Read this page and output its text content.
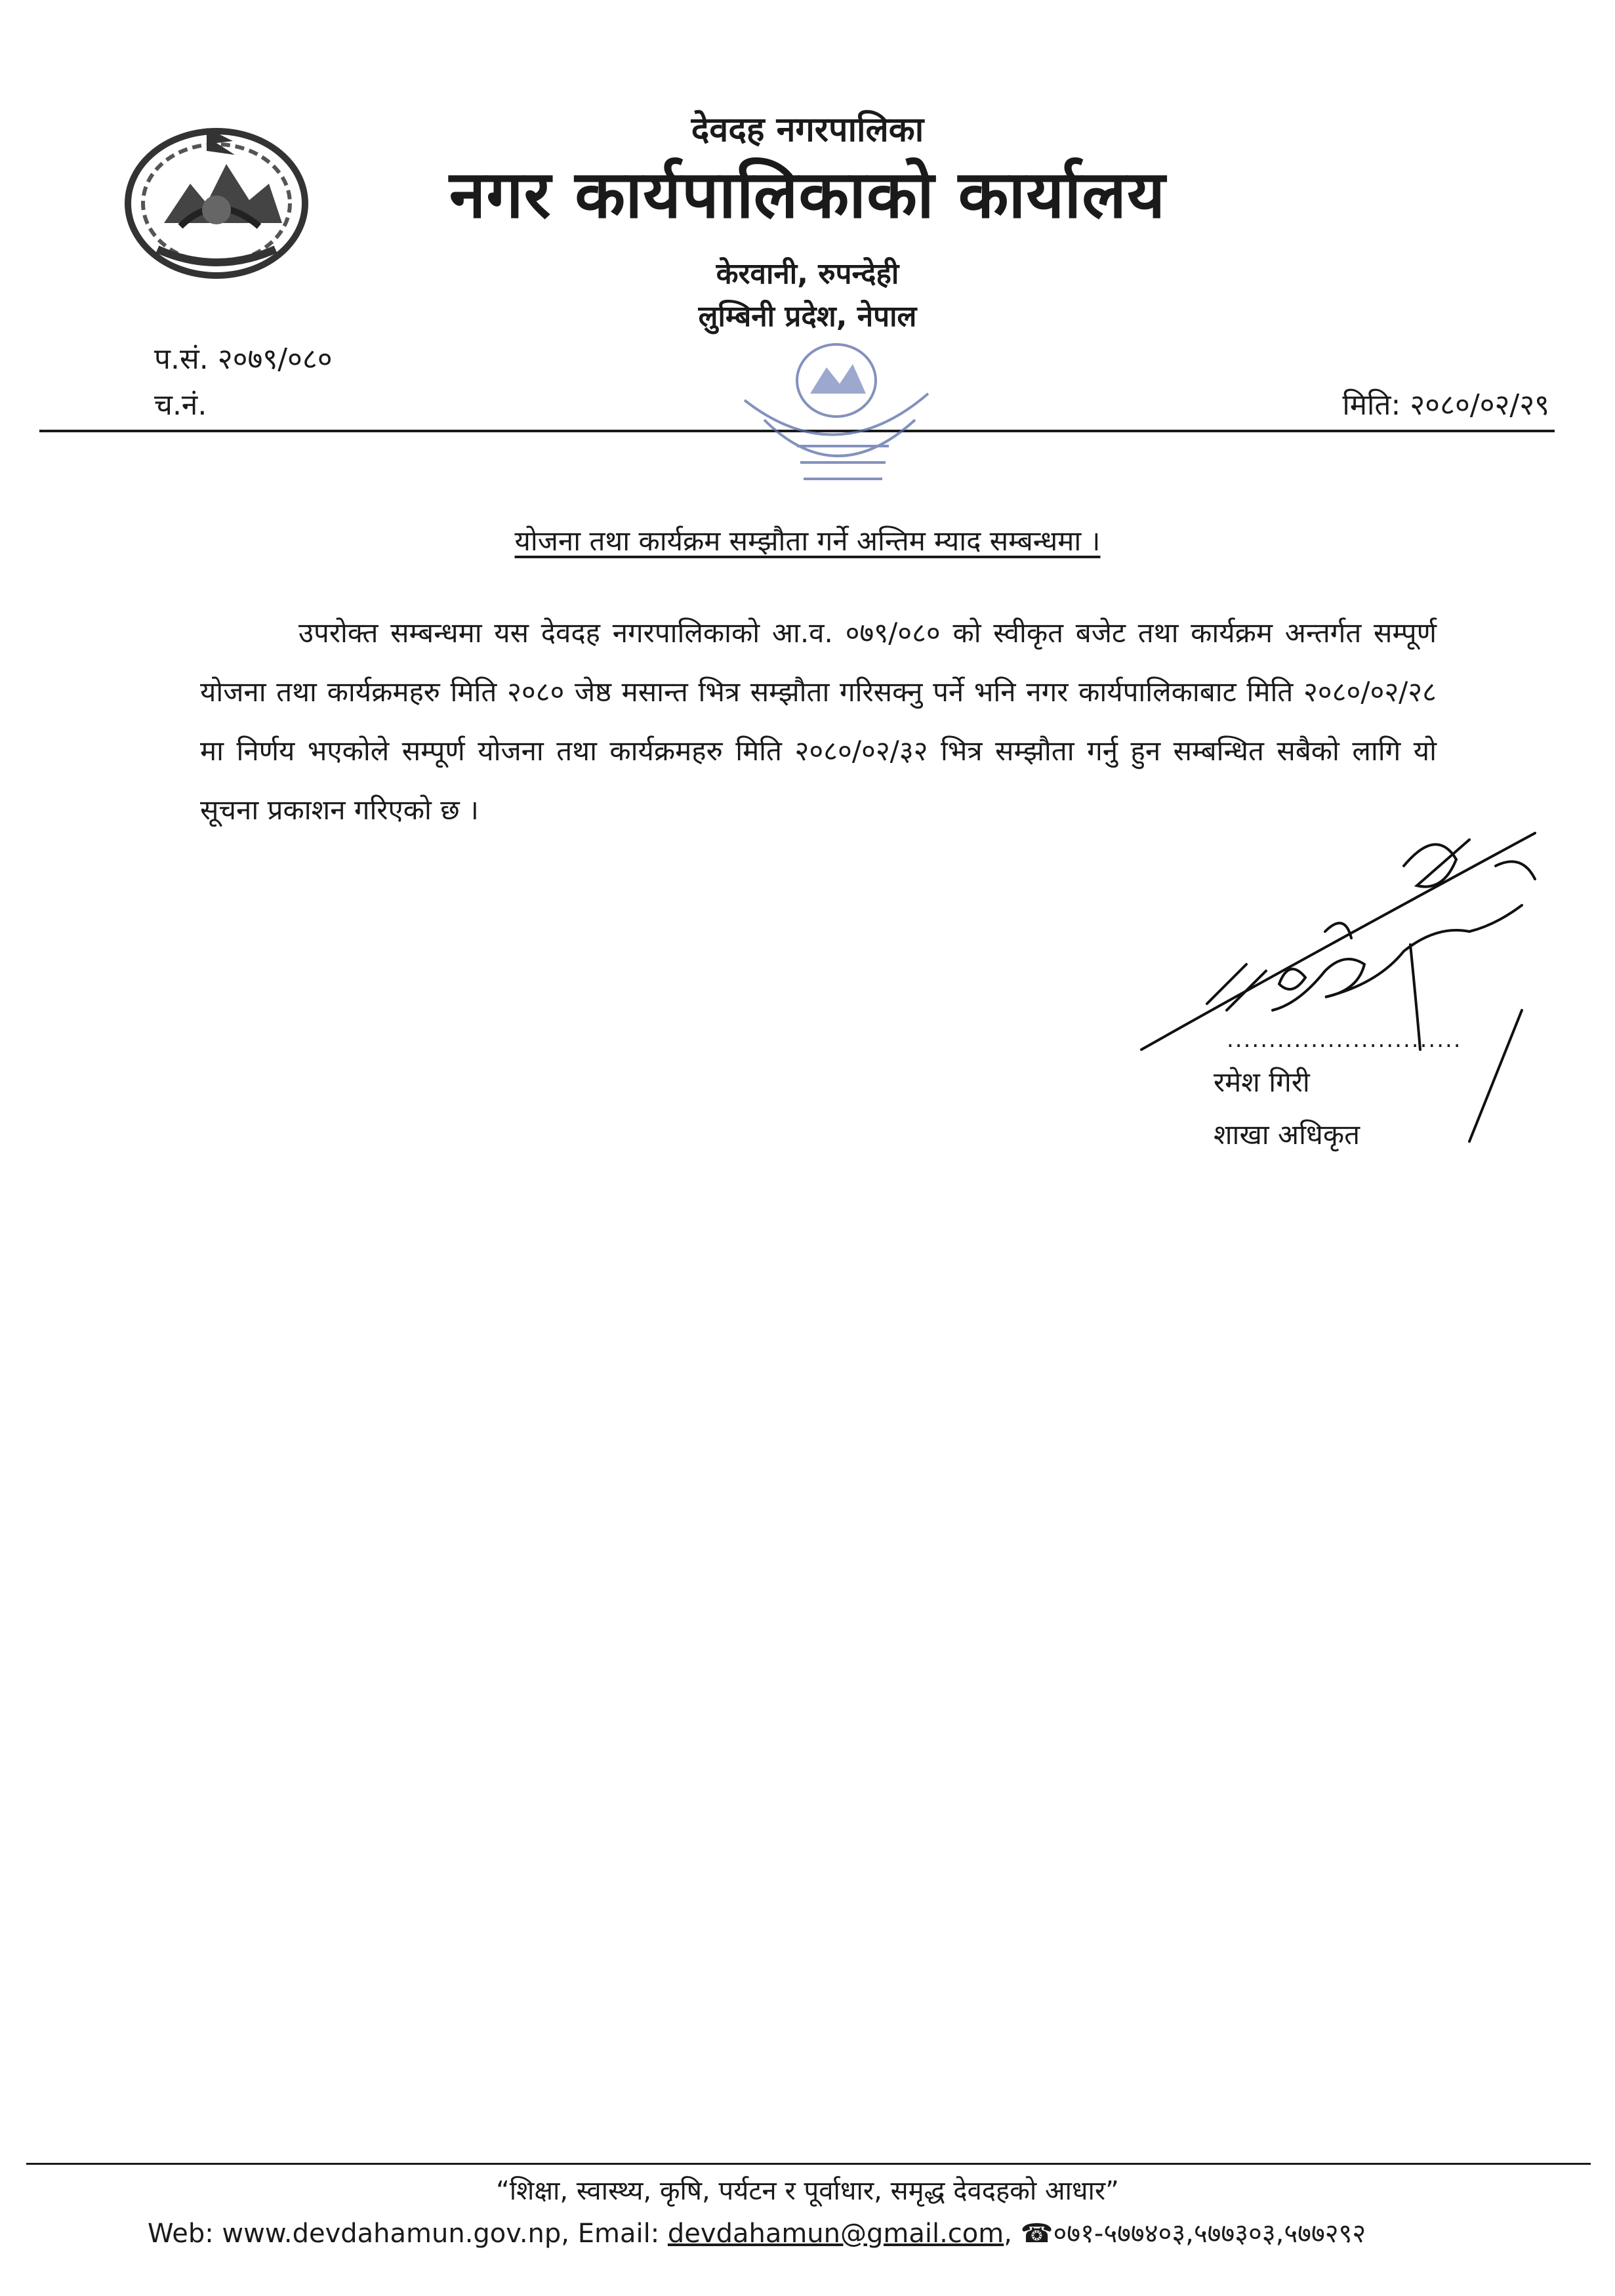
देवदह नगरपालिका
नगर कार्यपालिकाको कार्यालय
केरवानी, रुपन्देही
लुम्बिनी प्रदेश, नेपाल
प.सं. २०७९/०८०
च.नं.	मिति: २०८०/०२/२९
योजना तथा कार्यक्रम सम्झौता गर्ने अन्तिम म्याद सम्बन्धमा ।
उपरोक्त सम्बन्धमा यस देवदह नगरपालिकाको आ.व. ०७९/०८० को स्वीकृत बजेट तथा कार्यक्रम अन्तर्गत सम्पूर्ण योजना तथा कार्यक्रमहरु मिति २०८० जेष्ठ मसान्त भित्र सम्झौता गरिसक्नु पर्ने भनि नगर कार्यपालिकाबाट मिति २०८०/०२/२८ मा निर्णय भएकोले सम्पूर्ण योजना तथा कार्यक्रमहरु मिति २०८०/०२/३२ भित्र सम्झौता गर्नु हुन सम्बन्धित सबैको लागि यो सूचना प्रकाशन गरिएको छ ।
............................
रमेश गिरी
शाखा अधिकृत
“शिक्षा, स्वास्थ्य, कृषि, पर्यटन र पूर्वाधार, समृद्ध देवदहको आधार”
Web: www.devdahamun.gov.np, Email: devdahamun@gmail.com, ☎०७१-५७७४०३,५७७३०३,५७७२९२
